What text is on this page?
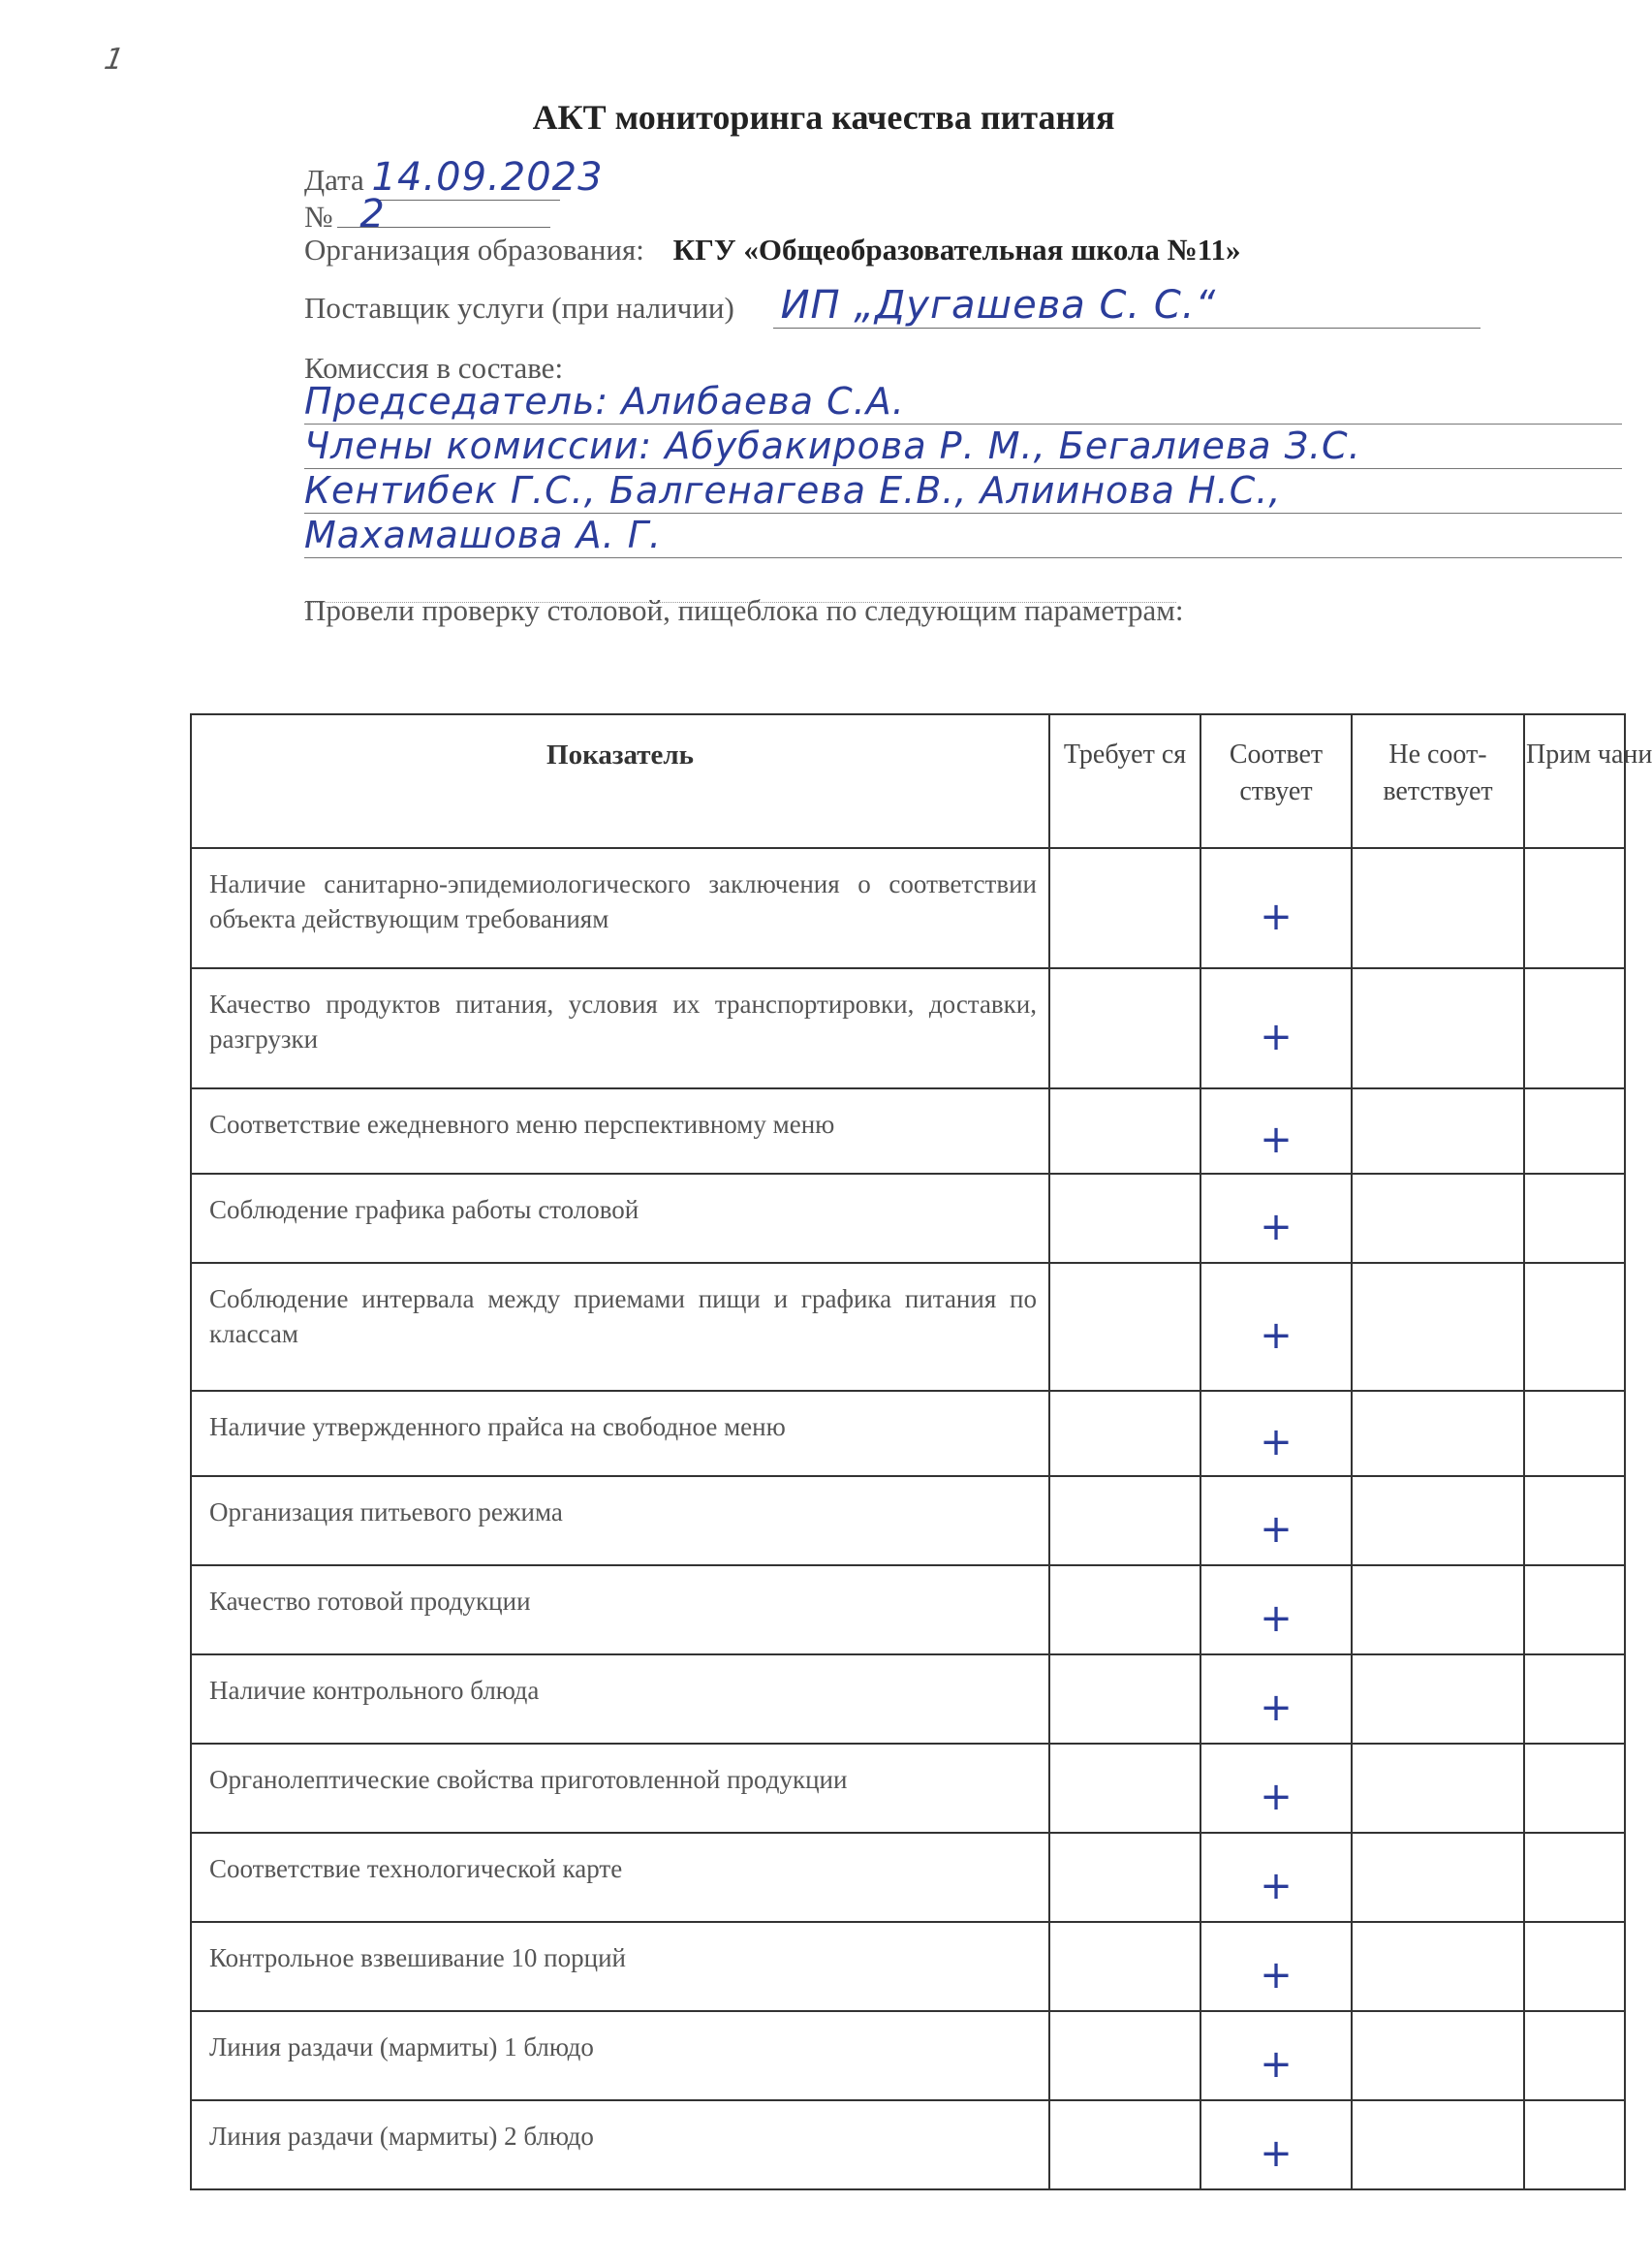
1
АКТ мониторинга качества питания
Дата 14.09.2023
№ 2
Организация образования: КГУ «Общеобразовательная школа №11»
Поставщик услуги (при наличии) ИП „Дугашева С. С.“
Комиссия в составе:
Председатель: Алибаева С.А.
Члены комиссии: Абубакирова Р. М., Бегалиева З.С.
Кентибек Г.С., Балгенагева Е.В., Алиинова Н.С.,
Махамашова А. Г.
Провели проверку столовой, пищеблока по следующим параметрам:
Показатель	Требует ся	Соответ ствует	Не соот- ветствует	Прим чани
Наличие санитарно-эпидемиологического заключения о соответствии объекта действующим требованиям		+		
Качество продуктов питания, условия их транспортировки, доставки, разгрузки		+		
Соответствие ежедневного меню перспективному меню		+		
Соблюдение графика работы столовой		+		
Соблюдение интервала между приемами пищи и графика питания по классам		+		
Наличие утвержденного прайса на свободное меню		+		
Организация питьевого режима		+		
Качество готовой продукции		+		
Наличие контрольного блюда		+		
Органолептические свойства приготовленной продукции		+		
Соответствие технологической карте		+		
Контрольное взвешивание 10 порций		+		
Линия раздачи (мармиты) 1 блюдо		+		
Линия раздачи (мармиты) 2 блюдо		+		
